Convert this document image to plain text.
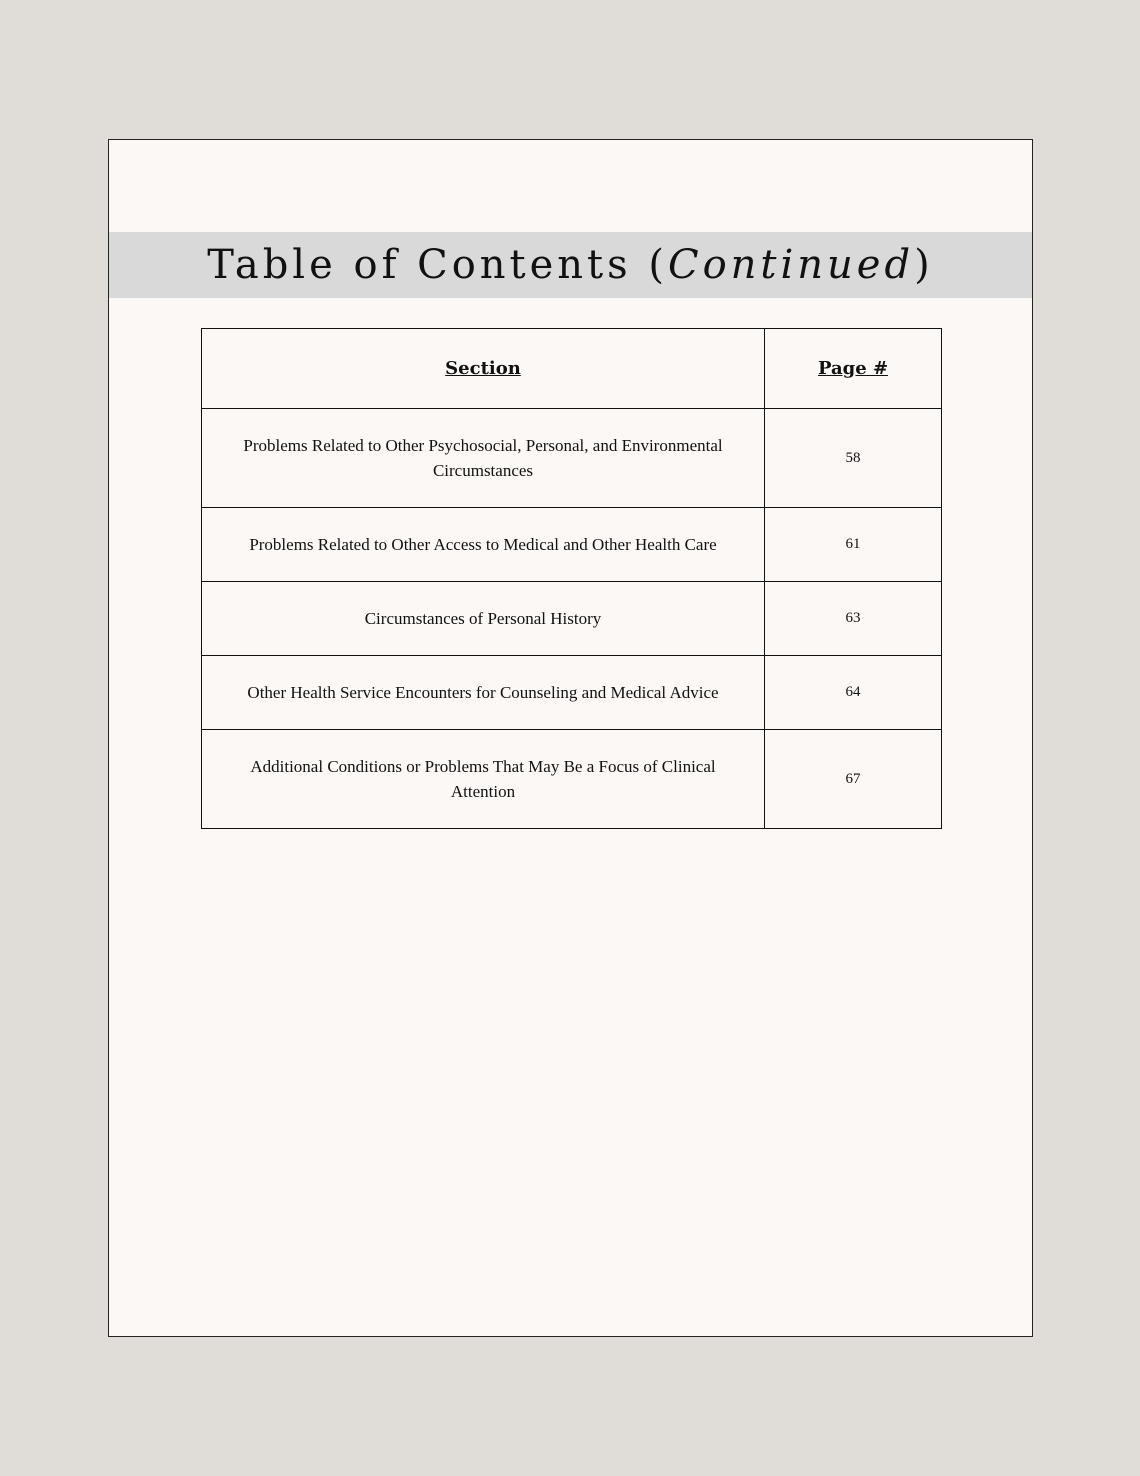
Table of Contents (Continued)
Section	Page #
Problems Related to Other Psychosocial, Personal, and Environmental Circumstances	58
Problems Related to Other Access to Medical and Other Health Care	61
Circumstances of Personal History	63
Other Health Service Encounters for Counseling and Medical Advice	64
Additional Conditions or Problems That May Be a Focus of Clinical Attention	67
